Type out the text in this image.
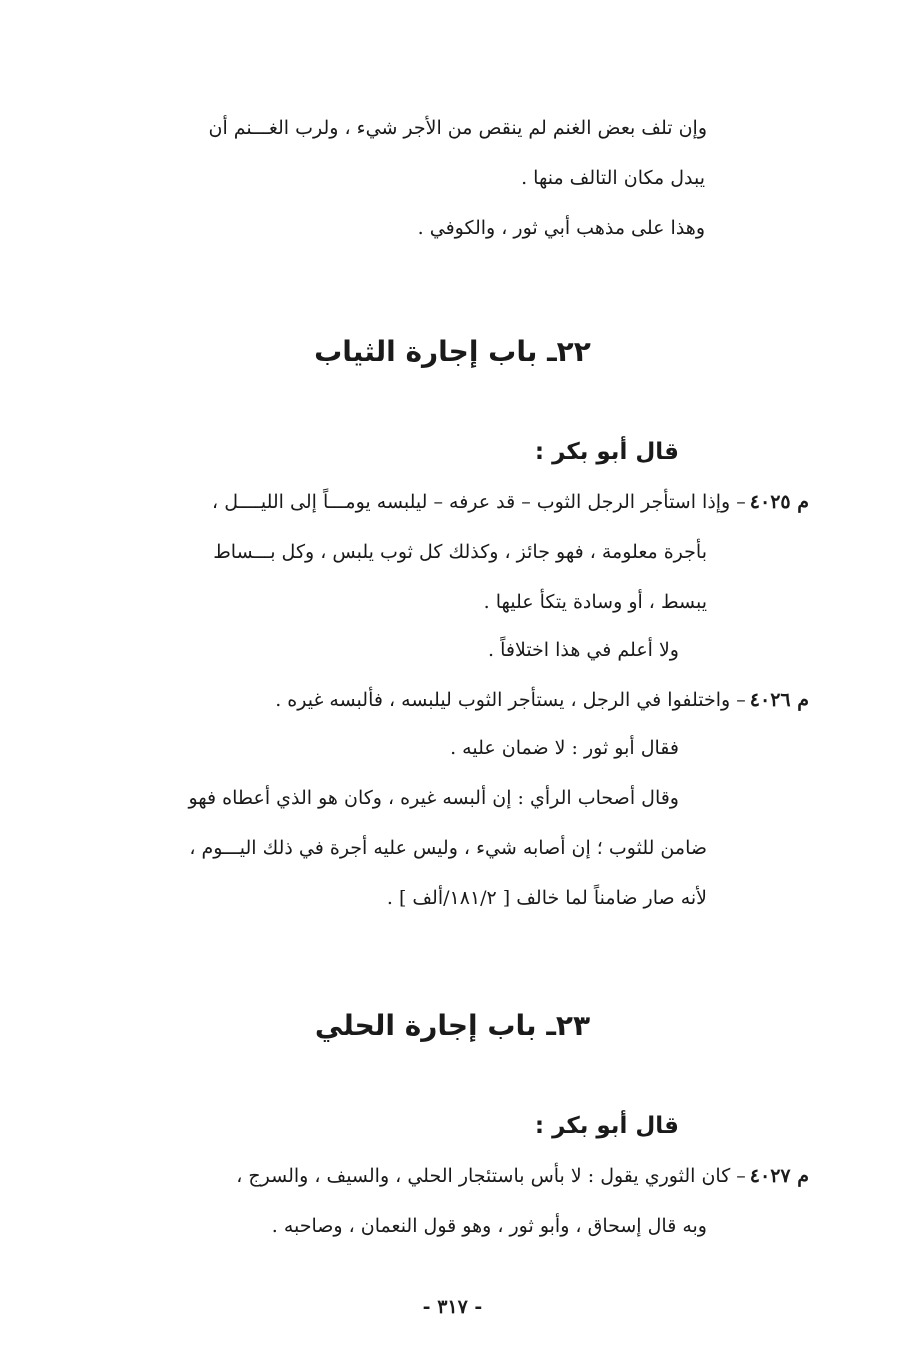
وإن تلف بعض الغنم لم ينقص من الأجر شيء ، ولرب الغـــنم أن
يبدل مكان التالف منها .
وهذا على مذهب أبي ثور ، والكوفي .
٢٢ـ باب إجارة الثياب
قال أبو بكر :
م ٤٠٢٥– وإذا استأجر الرجل الثوب – قد عرفه – ليلبسه يومـــاً إلى الليــــل ،
بأجرة معلومة ، فهو جائز ، وكذلك كل ثوب يلبس ، وكل بـــساط
يبسط ، أو وسادة يتكأ عليها .
ولا أعلم في هذا اختلافاً .
م ٤٠٢٦– واختلفوا في الرجل ، يستأجر الثوب ليلبسه ، فألبسه غيره .
فقال أبو ثور : لا ضمان عليه .
وقال أصحاب الرأي : إن ألبسه غيره ، وكان هو الذي أعطاه فهو
ضامن للثوب ؛ إن أصابه شيء ، وليس عليه أجرة في ذلك اليـــوم ،
لأنه صار ضامناً لما خالف [ ١٨١/٢/ألف ] .
٢٣ـ باب إجارة الحلي
قال أبو بكر :
م ٤٠٢٧– كان الثوري يقول : لا بأس باستئجار الحلي ، والسيف ، والسرج ،
وبه قال إسحاق ، وأبو ثور ، وهو قول النعمان ، وصاحبه .
- ٣١٧ -
